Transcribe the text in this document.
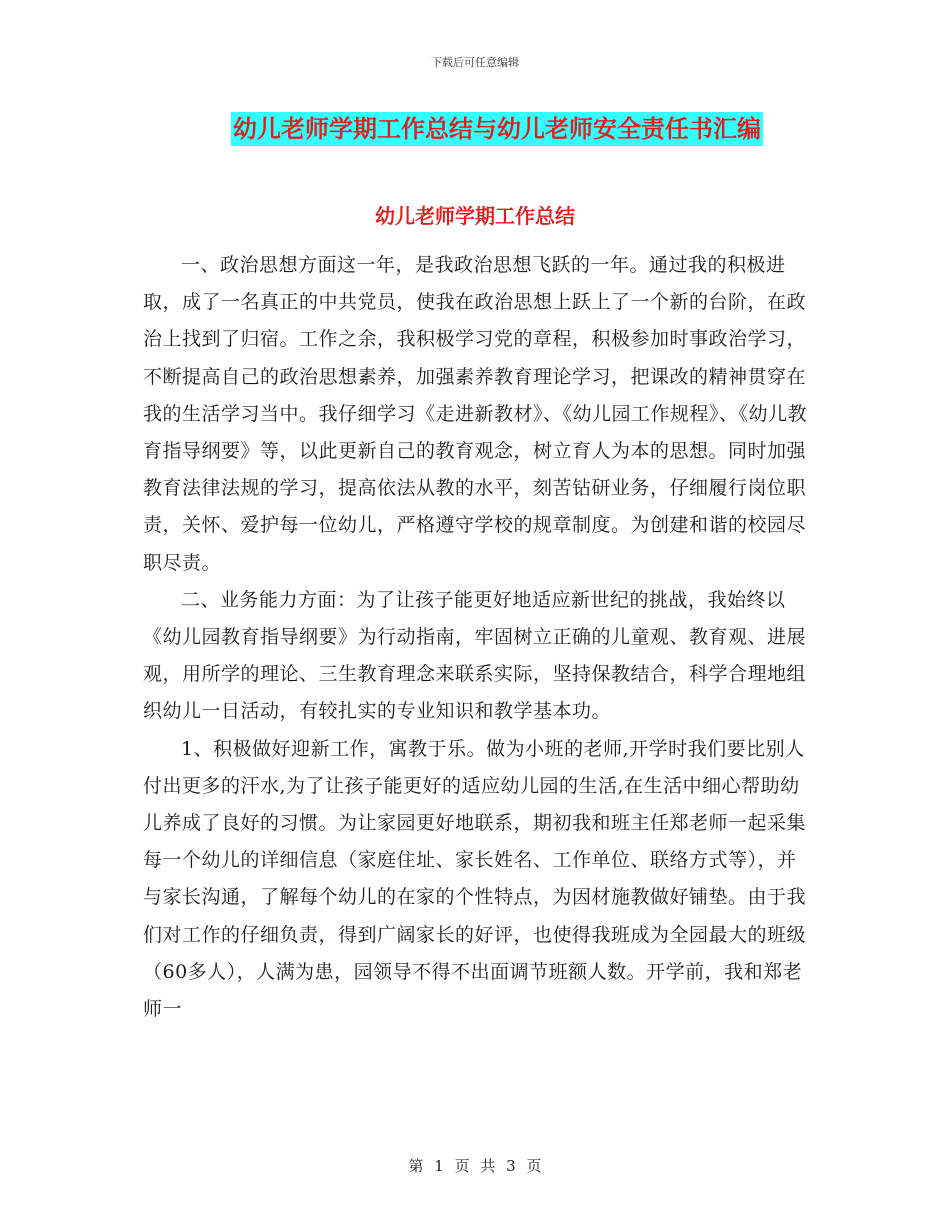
下载后可任意编辑
幼儿老师学期工作总结与幼儿老师安全责任书汇编
幼儿老师学期工作总结

一、政治思想方面这一年，是我政治思想飞跃的一年。通过我的积极进取，成了一名真正的中共党员，使我在政治思想上跃上了一个新的台阶，在政治上找到了归宿。工作之余，我积极学习党的章程，积极参加时事政治学习，不断提高自己的政治思想素养，加强素养教育理论学习，把课改的精神贯穿在我的生活学习当中。我仔细学习《走进新教材》、《幼儿园工作规程》、《幼儿教育指导纲要》等，以此更新自己的教育观念，树立育人为本的思想。同时加强教育法律法规的学习，提高依法从教的水平，刻苦钻研业务，仔细履行岗位职责，关怀、爱护每一位幼儿，严格遵守学校的规章制度。为创建和谐的校园尽职尽责。

二、业务能力方面：为了让孩子能更好地适应新世纪的挑战，我始终以《幼儿园教育指导纲要》为行动指南，牢固树立正确的儿童观、教育观、进展观，用所学的理论、三生教育理念来联系实际，坚持保教结合，科学合理地组织幼儿一日活动，有较扎实的专业知识和教学基本功。

1、积极做好迎新工作，寓教于乐。做为小班的老师,开学时我们要比别人付出更多的汗水,为了让孩子能更好的适应幼儿园的生活,在生活中细心帮助幼儿养成了良好的习惯。为让家园更好地联系，期初我和班主任郑老师一起采集每一个幼儿的详细信息（家庭住址、家长姓名、工作单位、联络方式等），并与家长沟通，了解每个幼儿的在家的个性特点，为因材施教做好铺垫。由于我们对工作的仔细负责，得到广阔家长的好评，也使得我班成为全园最大的班级（60多人），人满为患，园领导不得不出面调节班额人数。开学前，我和郑老师一

第 1 页 共 3 页
